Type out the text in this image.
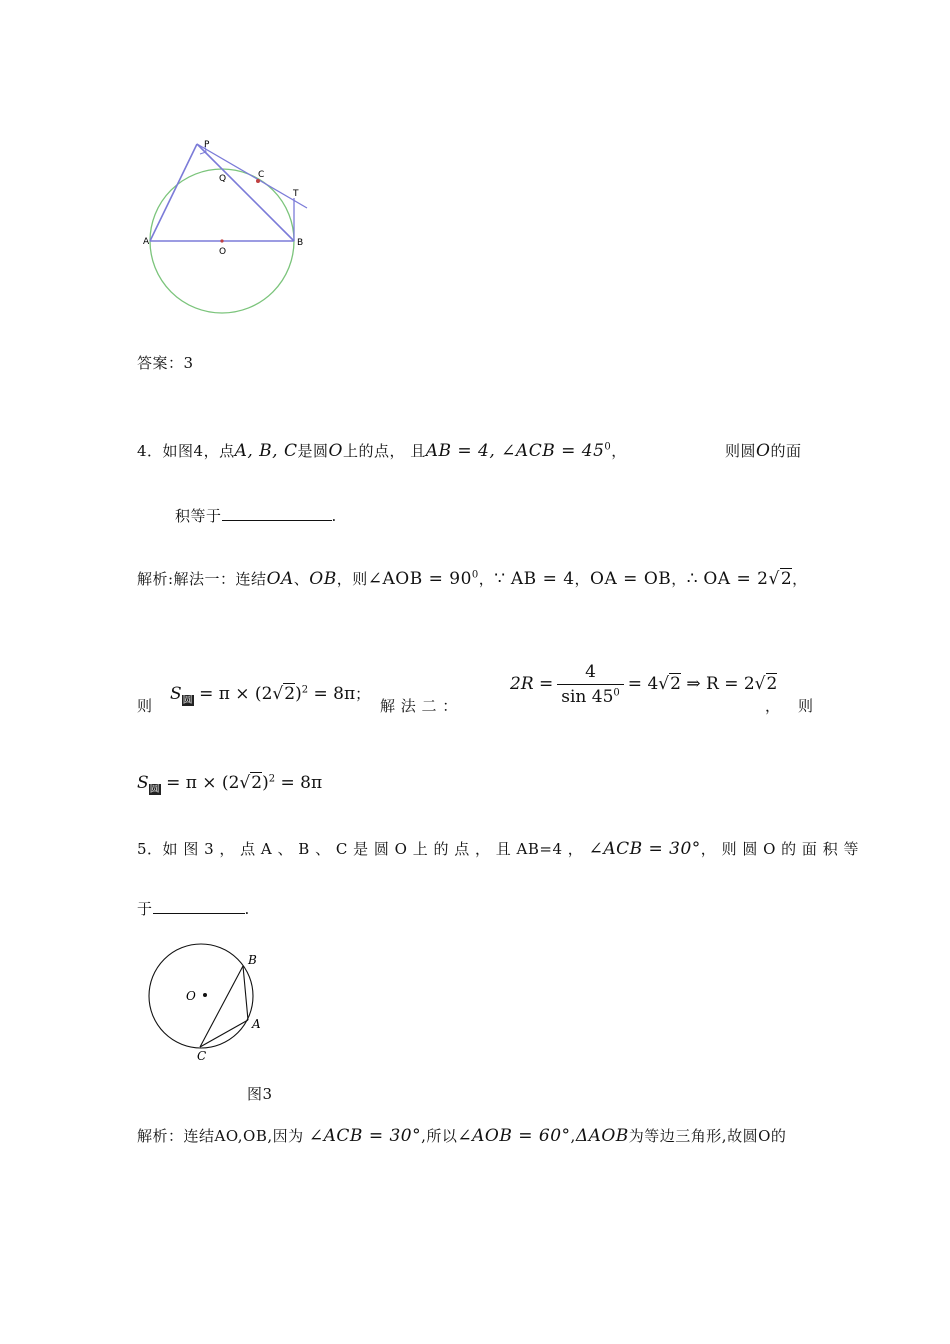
P
Q	C
T
A	B
O
答案：3
4．如图4，点A, B, C是圆O上的点， 且AB = 4, ∠ACB = $45^0$，	则圆O的面
积等于	.
解析:解法一：连结OA、OB，则∠AOB = $90^0$，∵ AB = 4，OA = OB，∴ OA = 2√2，
则
$S_圆 = \pi \times (2√2)^2 = 8\pi$；
解 法 二 ：
$2R = \frac{4}{\sin 45^0} = 4√2$ ⇒ R = 2√2
， 则
$S_圆 = \pi \times (2√2)^2 = 8\pi$
5．如 图 3 ， 点 A 、 B 、 C 是 圆 O 上 的 点 ， 且 AB=4 ， ∠ACB = 30°， 则 圆 O 的 面 积 等
于	.
O
B
A
C
图3
解析：连结AO,OB,因为 ∠ACB = 30°,所以∠AOB = 60°,ΔAOB为等边三角形,故圆O的
